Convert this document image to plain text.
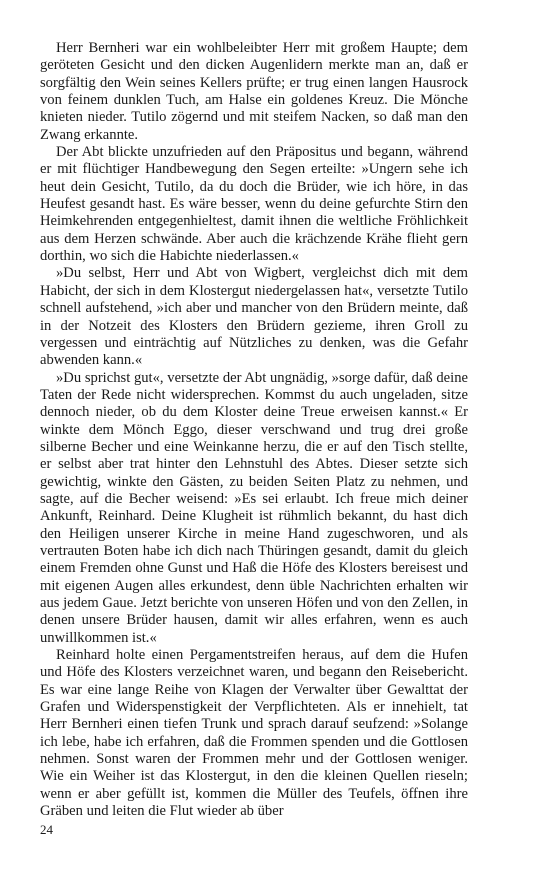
Herr Bernheri war ein wohlbeleibter Herr mit großem Haupte; dem geröteten Gesicht und den dicken Augenlidern merkte man an, daß er sorgfältig den Wein seines Kellers prüfte; er trug einen langen Hausrock von feinem dunklen Tuch, am Halse ein goldenes Kreuz. Die Mönche knieten nieder. Tutilo zögernd und mit steifem Nacken, so daß man den Zwang erkannte.

Der Abt blickte unzufrieden auf den Präpositus und begann, während er mit flüchtiger Handbewegung den Segen erteilte: »Ungern sehe ich heut dein Gesicht, Tutilo, da du doch die Brüder, wie ich höre, in das Heufest gesandt hast. Es wäre besser, wenn du deine gefurchte Stirn den Heimkehrenden entgegenhieltest, damit ihnen die weltliche Fröhlichkeit aus dem Herzen schwände. Aber auch die krächzende Krähe flieht gern dorthin, wo sich die Habichte niederlassen.«

»Du selbst, Herr und Abt von Wigbert, vergleichst dich mit dem Habicht, der sich in dem Klostergut niedergelassen hat«, versetzte Tutilo schnell aufstehend, »ich aber und mancher von den Brüdern meinte, daß in der Notzeit des Klosters den Brüdern gezieme, ihren Groll zu vergessen und einträchtig auf Nützliches zu denken, was die Gefahr abwenden kann.«

»Du sprichst gut«, versetzte der Abt ungnädig, »sorge dafür, daß deine Taten der Rede nicht widersprechen. Kommst du auch ungeladen, sitze dennoch nieder, ob du dem Kloster deine Treue erweisen kannst.« Er winkte dem Mönch Eggo, dieser verschwand und trug drei große silberne Becher und eine Weinkanne herzu, die er auf den Tisch stellte, er selbst aber trat hinter den Lehnstuhl des Abtes. Dieser setzte sich gewichtig, winkte den Gästen, zu beiden Seiten Platz zu nehmen, und sagte, auf die Becher weisend: »Es sei erlaubt. Ich freue mich deiner Ankunft, Reinhard. Deine Klugheit ist rühmlich bekannt, du hast dich den Heiligen unserer Kirche in meine Hand zugeschworen, und als vertrauten Boten habe ich dich nach Thüringen gesandt, damit du gleich einem Fremden ohne Gunst und Haß die Höfe des Klosters bereisest und mit eigenen Augen alles erkundest, denn üble Nachrichten erhalten wir aus jedem Gaue. Jetzt berichte von unseren Höfen und von den Zellen, in denen unsere Brüder hausen, damit wir alles erfahren, wenn es auch unwillkommen ist.«

Reinhard holte einen Pergamentstreifen heraus, auf dem die Hufen und Höfe des Klosters verzeichnet waren, und begann den Reisebericht. Es war eine lange Reihe von Klagen der Verwalter über Gewalttat der Grafen und Widerspenstigkeit der Verpflichteten. Als er innehielt, tat Herr Bernheri einen tiefen Trunk und sprach darauf seufzend: »Solange ich lebe, habe ich erfahren, daß die Frommen spenden und die Gottlosen nehmen. Sonst waren der Frommen mehr und der Gottlosen weniger. Wie ein Weiher ist das Klostergut, in den die kleinen Quellen rieseln; wenn er aber gefüllt ist, kommen die Müller des Teufels, öffnen ihre Gräben und leiten die Flut wieder ab über

24
